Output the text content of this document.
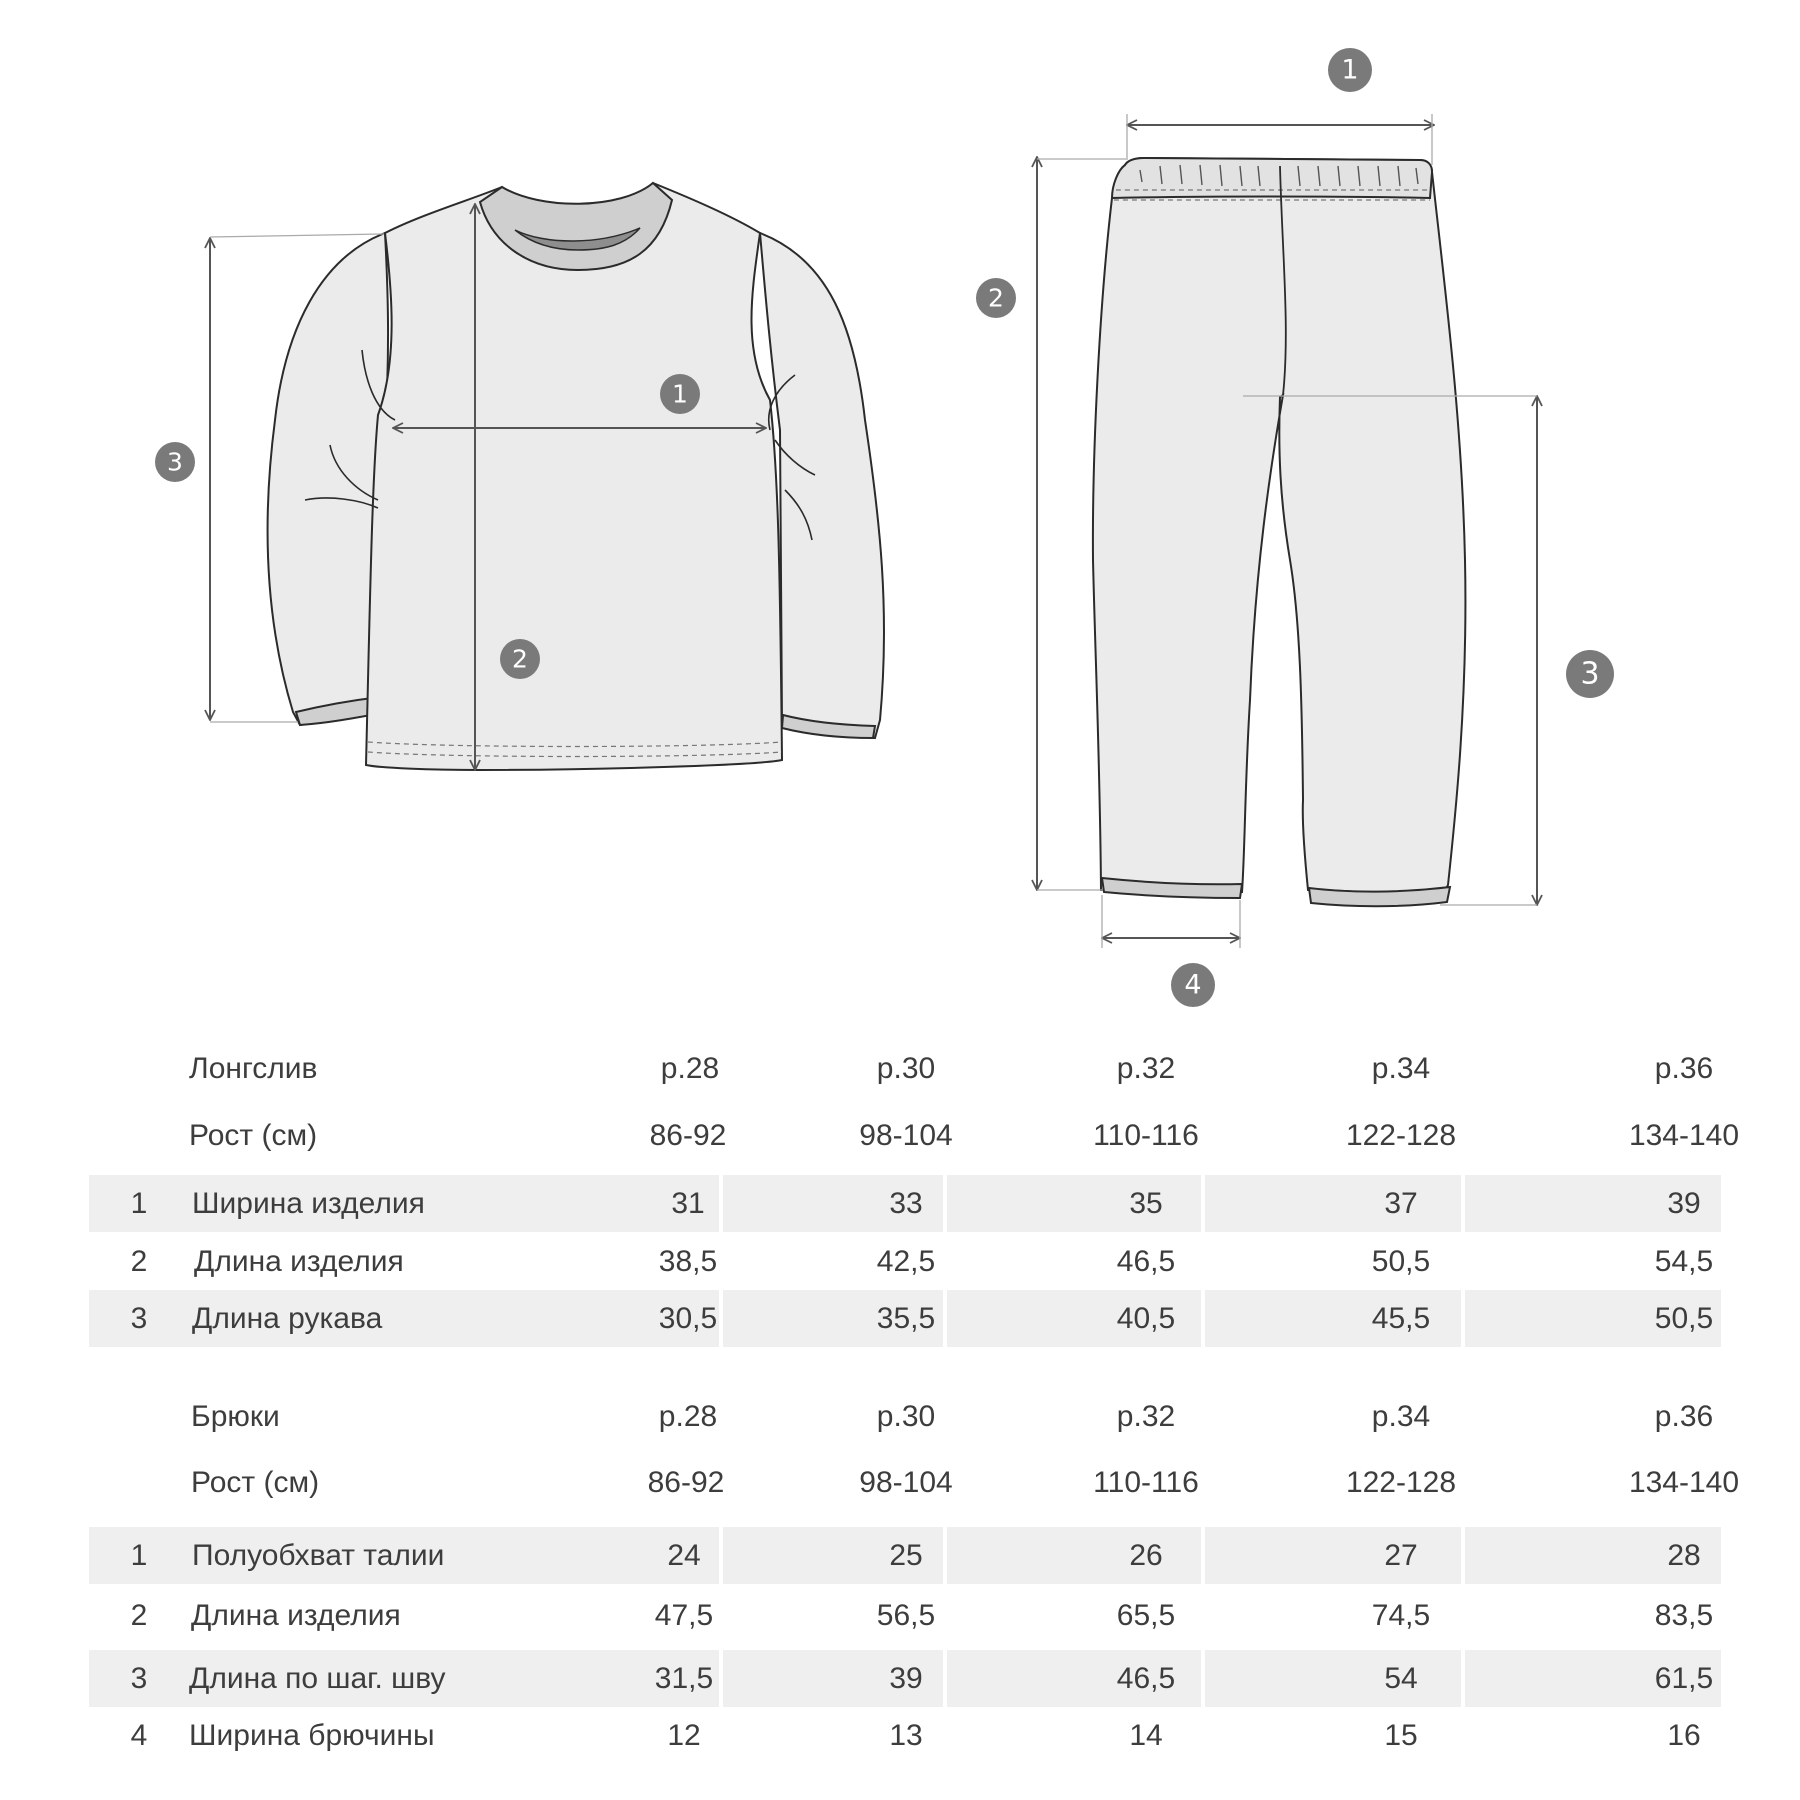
1
2
3
1
2
3
4
Лонгслив	р.28	р.30	р.32	р.34	р.36
Рост (см)	86-92	98-104	110-116	122-128	134-140
1	Ширина изделия	31	33	35	37	39
2	Длина изделия	38,5	42,5	46,5	50,5	54,5
3	Длина рукава	30,5	35,5	40,5	45,5	50,5
Брюки	р.28	р.30	р.32	р.34	р.36
Рост (см)	86-92	98-104	110-116	122-128	134-140
1	Полуобхват талии	24	25	26	27	28
2	Длина изделия	47,5	56,5	65,5	74,5	83,5
3	Длина по шаг. шву	31,5	39	46,5	54	61,5
4	Ширина брючины	12	13	14	15	16
